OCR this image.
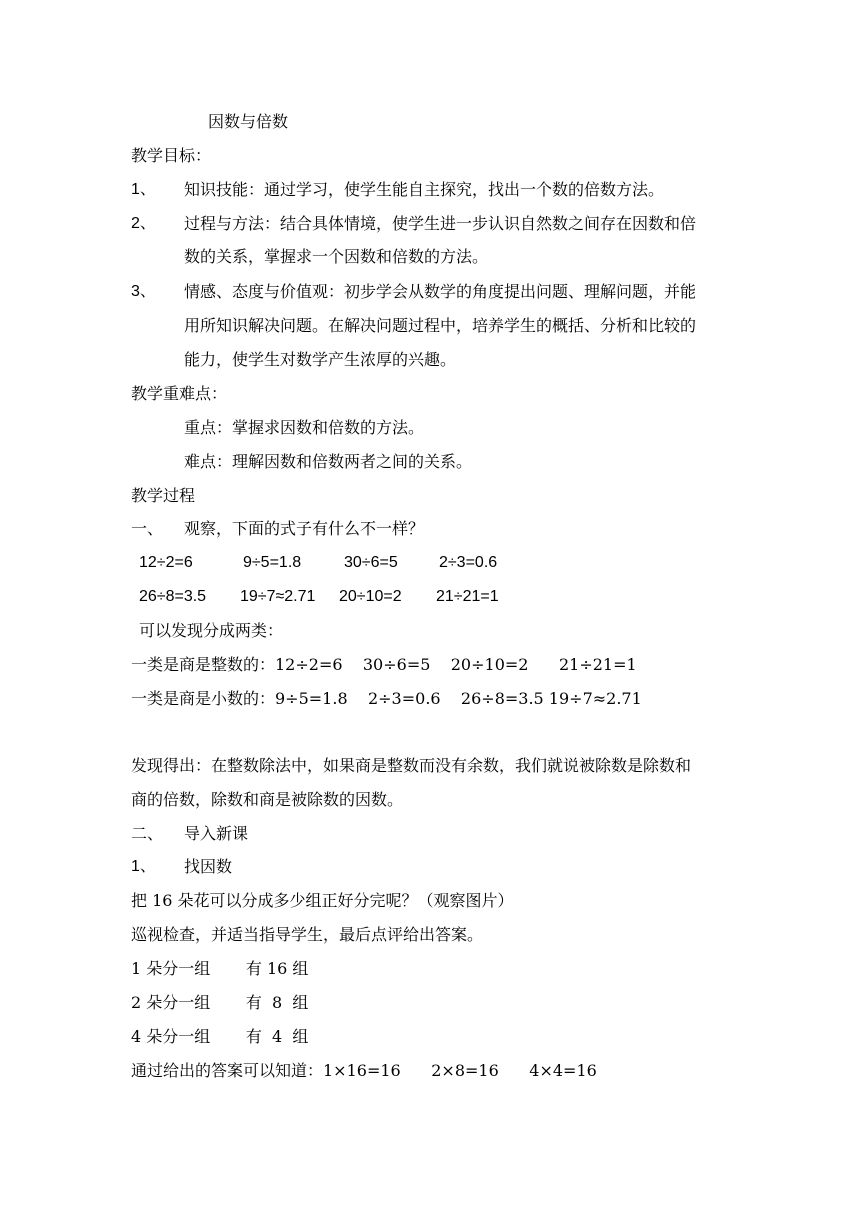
因数与倍数
教学目标：
1、 知识技能：通过学习，使学生能自主探究，找出一个数的倍数方法。
2、 过程与方法：结合具体情境，使学生进一步认识自然数之间存在因数和倍
数的关系，掌握求一个因数和倍数的方法。
3、 情感、态度与价值观：初步学会从数学的角度提出问题、理解问题，并能
用所知识解决问题。在解决问题过程中，培养学生的概括、分析和比较的
能力，使学生对数学产生浓厚的兴趣。
教学重难点：
重点：掌握求因数和倍数的方法。
难点：理解因数和倍数两者之间的关系。
教学过程
一、 观察，下面的式子有什么不一样？
12÷2=6	9÷5=1.8	30÷6=5	2÷3=0.6
26÷8=3.5 19÷7≈2.71 20÷10=2 21÷21=1
可以发现分成两类：
一类是商是整数的：12÷2=6    30÷6=5    20÷10=2      21÷21=1
一类是商是小数的：9÷5=1.8    2÷3=0.6    26÷8=3.5 19÷7≈2.71
发现得出：在整数除法中，如果商是整数而没有余数，我们就说被除数是除数和
商的倍数，除数和商是被除数的因数。
二、 导入新课
1、 找因数
把 16 朵花可以分成多少组正好分完呢？（观察图片）
巡视检查，并适当指导学生，最后点评给出答案。
1 朵分一组       有 16 组
2 朵分一组       有  8  组
4 朵分一组       有  4  组
通过给出的答案可以知道：1×16=16      2×8=16      4×4=16
